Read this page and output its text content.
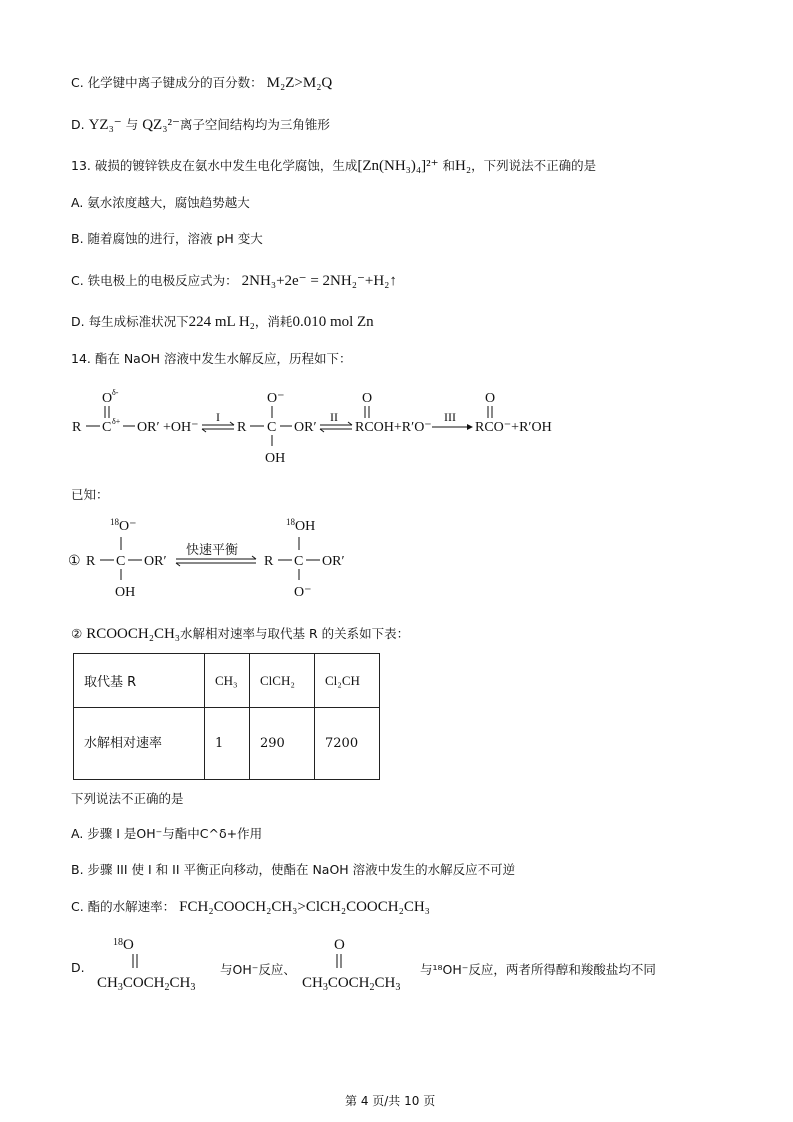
C. 化学键中离子键成分的百分数： M₂Z>M₂Q
D. YZ₃⁻ 与 QZ₃²⁻离子空间结构均为三角锥形
13. 破损的镀锌铁皮在氨水中发生电化学腐蚀，生成[Zn(NH₃)₄]²⁺ 和H₂，下列说法不正确的是
A. 氨水浓度越大，腐蚀趋势越大
B. 随着腐蚀的进行，溶液 pH 变大
C. 铁电极上的电极反应式为： 2NH₃+2e⁻ = 2NH₂⁻+H₂↑
D. 每生成标准状况下224 mL H₂，消耗0.010 mol Zn
14. 酯在 NaOH 溶液中发生水解反应，历程如下：
O δ-
R C δ+ OR′ +OH⁻
I
R C
O⁻
OH
OR′
II
O
RCOH+R′O⁻
III
O
RCO⁻+R′OH
已知：
① R C
$^{18}$O⁻
OH
OR′
快速平衡
R C
$^{18}$OH
O⁻
OR′
② RCOOCH₂CH₃水解相对速率与取代基 R 的关系如下表：
取代基 R	CH₃	ClCH₂	Cl₂CH
水解相对速率	1	290	7200
下列说法不正确的是
A. 步骤 I 是OH⁻与酯中C^δ+作用
B. 步骤 III 使 I 和 II 平衡正向移动，使酯在 NaOH 溶液中发生的水解反应不可逆
C. 酯的水解速率： FCH₂COOCH₂CH₃>ClCH₂COOCH₂CH₃
D.
$^{18}$O
$CH_3COCH_2CH_3$
与OH⁻反应、
O
$CH_3COCH_2CH_3$
与¹⁸OH⁻反应，两者所得醇和羧酸盐均不同
第 4 页/共 10 页
